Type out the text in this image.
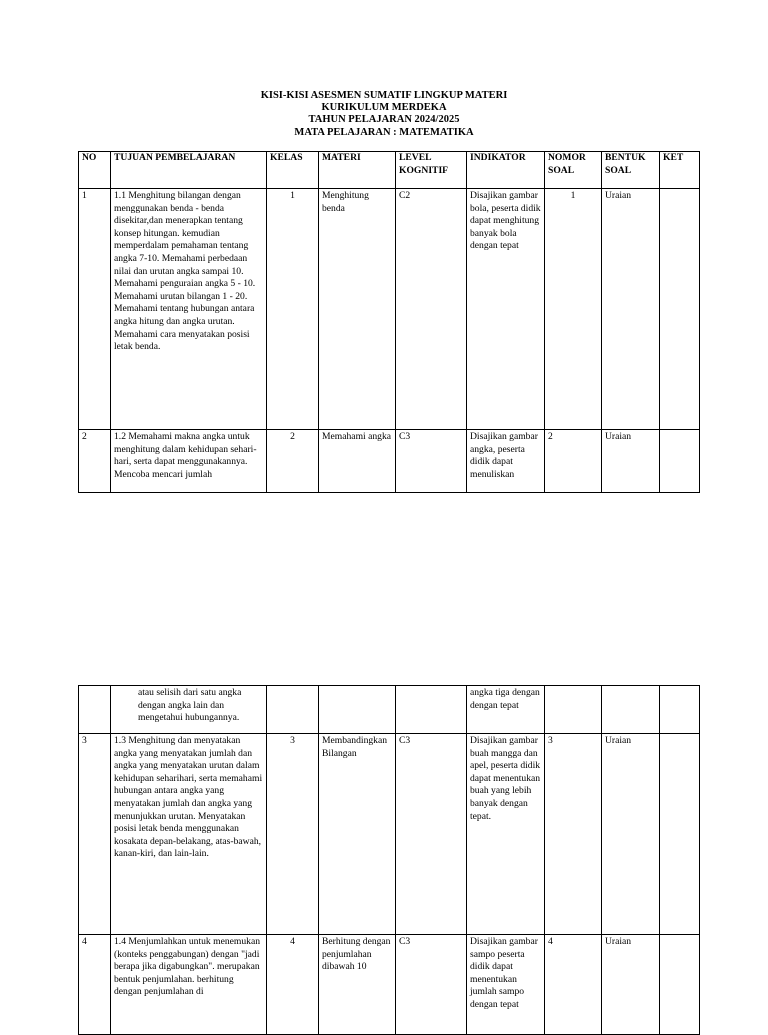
KISI-KISI ASESMEN SUMATIF LINGKUP MATERI
KURIKULUM MERDEKA
TAHUN PELAJARAN 2024/2025
MATA PELAJARAN : MATEMATIKA
NO	TUJUAN PEMBELAJARAN	KELAS	MATERI	LEVEL KOGNITIF	INDIKATOR	NOMOR SOAL	BENTUK SOAL	KET
1	1.1 Menghitung bilangan dengan menggunakan benda - benda disekitar,dan menerapkan tentang konsep hitungan. kemudian memperdalam pemahaman tentang angka 7-10. Memahami perbedaan nilai dan urutan angka sampai 10. Memahami penguraian angka 5 - 10. Memahami urutan bilangan 1 - 20. Memahami tentang hubungan antara angka hitung dan angka urutan. Memahami cara menyatakan posisi letak benda.	1	Menghitung benda	C2	Disajikan gambar bola, peserta didik dapat menghitung banyak bola dengan tepat	1	Uraian	
2	1.2 Memahami makna angka untuk menghitung dalam kehidupan sehari-hari, serta dapat menggunakannya. Mencoba mencari jumlah	2	Memahami angka	C3	Disajikan gambar angka, peserta didik dapat menuliskan	2	Uraian	
	atau selisih dari satu angka dengan angka lain dan mengetahui hubungannya.				angka tiga dengan dengan tepat			
3	1.3 Menghitung dan menyatakan angka yang menyatakan jumlah dan angka yang menyatakan urutan dalam kehidupan seharihari, serta memahami hubungan antara angka yang menyatakan jumlah dan angka yang menunjukkan urutan. Menyatakan posisi letak benda menggunakan kosakata depan-belakang, atas-bawah, kanan-kiri, dan lain-lain.	3	Membandingkan Bilangan	C3	Disajikan gambar buah mangga dan apel, peserta didik dapat menentukan buah yang lebih banyak dengan tepat.	3	Uraian	
4	1.4 Menjumlahkan untuk menemukan (konteks penggabungan) dengan "jadi berapa jika digabungkan". merupakan bentuk penjumlahan. berhitung dengan penjumlahan di	4	Berhitung dengan penjumlahan dibawah 10	C3	Disajikan gambar sampo peserta didik dapat menentukan jumlah sampo dengan tepat	4	Uraian	
